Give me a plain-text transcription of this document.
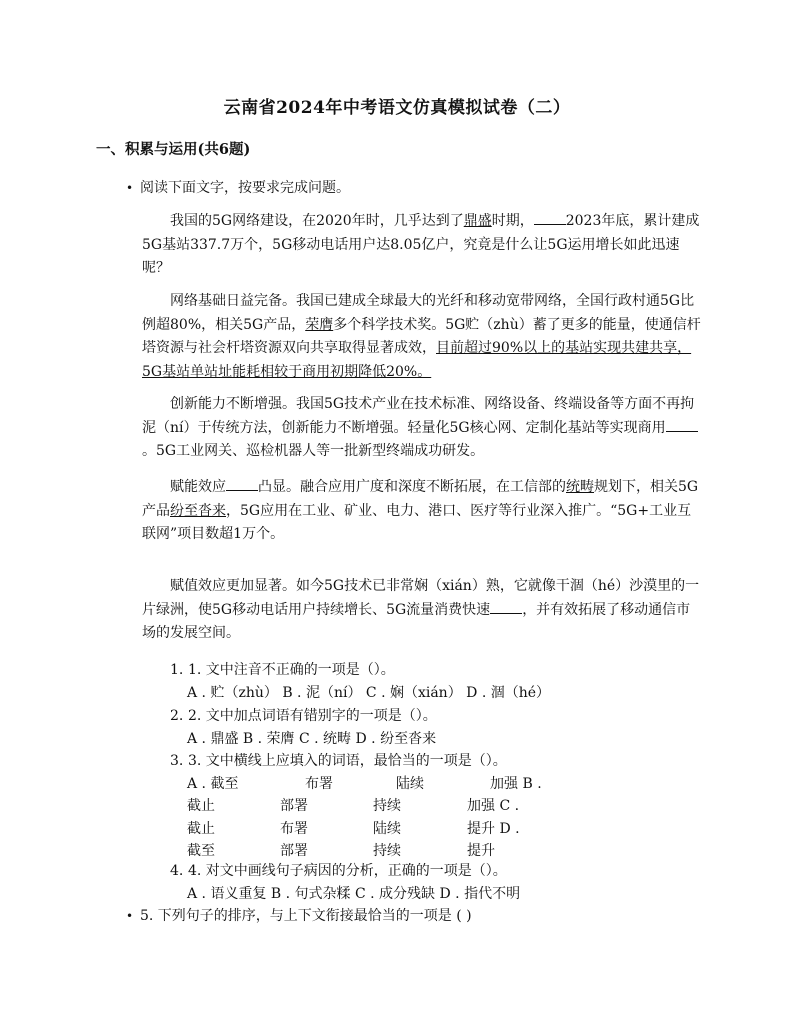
云南省2024年中考语文仿真模拟试卷（二）
一、积累与运用(共6题)
• 阅读下面文字，按要求完成问题。
我国的5G网络建设，在2020年时，几乎达到了鼎盛时期， 2023年底，累计建成5G基站337.7万个，5G移动电话用户达8.05亿户，究竟是什么让5G运用增长如此迅速呢？
网络基础日益完备。我国已建成全球最大的光纤和移动宽带网络，全国行政村通5G比例超80%，相关5G产品，荣膺多个科学技术奖。5G贮（zhù）蓄了更多的能量，使通信杆塔资源与社会杆塔资源双向共享取得显著成效，目前超过90%以上的基站实现共建共享，5G基站单站址能耗相较于商用初期降低20%。
创新能力不断增强。我国5G技术产业在技术标准、网络设备、终端设备等方面不再拘泥（ní）于传统方法，创新能力不断增强。轻量化5G核心网、定制化基站等实现商用。5G工业网关、巡检机器人等一批新型终端成功研发。
赋能效应 凸显。融合应用广度和深度不断拓展，在工信部的统畴规划下，相关5G产品纷至沓来，5G应用在工业、矿业、电力、港口、医疗等行业深入推广。“5G+工业互联网”项目数超1万个。
赋值效应更加显著。如今5G技术已非常娴（xián）熟，它就像干涸（hé）沙漠里的一片绿洲，使5G移动电话用户持续增长、5G流量消费快速 ，并有效拓展了移动通信市场的发展空间。
1. 1. 文中注音不正确的一项是（）。
A . 贮（zhù） B . 泥（ní） C . 娴（xián） D . 涸（hé）
2. 2. 文中加点词语有错别字的一项是（）。
A . 鼎盛 B . 荣膺 C . 统畴 D . 纷至沓来
3. 3. 文中横线上应填入的词语，最恰当的一项是（）。
A . 截至	布署	陆续	加强 B .
截止	部署	持续	加强 C .
截止	布署	陆续	提升 D .
截至	部署	持续	提升
4. 4. 对文中画线句子病因的分析，正确的一项是（）。
A . 语义重复 B . 句式杂糅 C . 成分残缺 D . 指代不明
• 5. 下列句子的排序，与上下文衔接最恰当的一项是 ( )
